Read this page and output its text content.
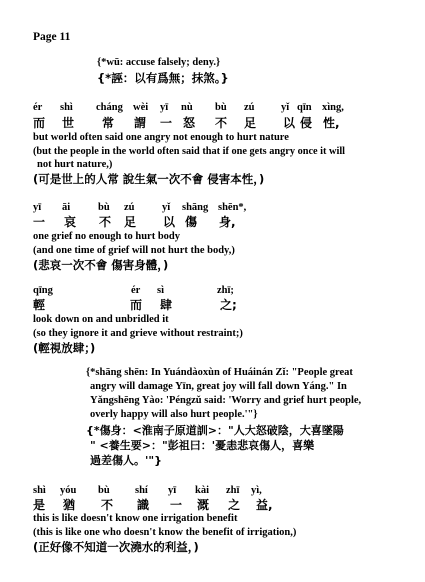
Page 11
{*wū: accuse falsely; deny.}
{*誣：以有爲無；抹煞。}
ér shì cháng wèi yī nù bù zú	yǐ qīn xìng,
而 世 常 謂 一 怒 不 足 以 侵 性,
but world often said one angry not enough to hurt nature
(but the people in the world often said that if one gets angry once it will
not hurt nature,)
(可是世上的人常 說生氣一次不會 侵害本性，)
yī āi	bù zú	yǐ shāng shēn*,
一 哀 不 足 以 傷 身,
one grief no enough to hurt body
(and one time of grief will not hurt the body,)
(悲哀一次不會 傷害身體，)
qīng	ér sì	zhī;
輕	而 肆	之;
look down on and unbridled it
(so they ignore it and grieve without restraint;)
(輕視放肆；)
{*shāng shēn: In Yuándàoxùn of Huáinán Zǐ: "People great
angry will damage Yīn, great joy will fall down Yáng." In
Yǎngshēng Yào: 'Péngzǔ said: 'Worry and grief hurt people,
overly happy will also hurt people.'"}
{*傷身：<淮南子原道訓>："人大怒破陰，大喜墜陽
" <養生要>："彭祖曰：'憂恚悲哀傷人，喜樂
過差傷人。'"}
shì yóu bù shí yī kài zhī yì,
是 猶 不 識 一 溉 之 益,
this is like doesn't know one irrigation benefit
(this is like one who doesn't know the benefit of irrigation,)
(正好像不知道一次澆水的利益，)
